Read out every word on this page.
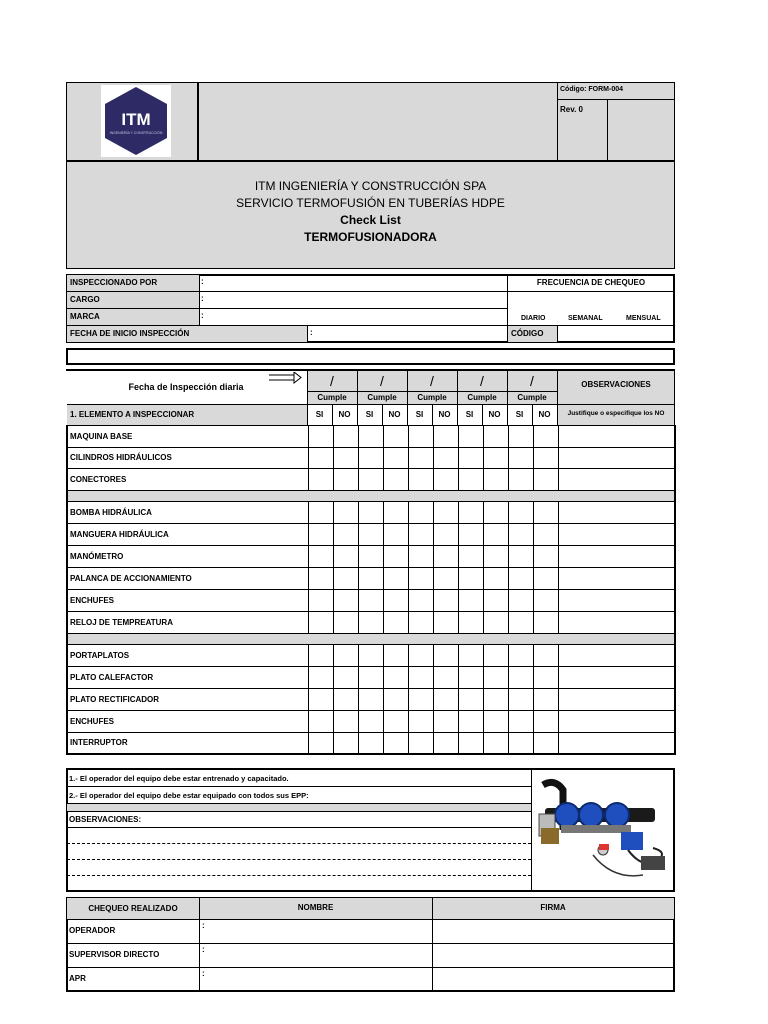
ITM
INGENIERÍA Y CONSTRUCCIÓN
Código: FORM-004
Rev. 0
ITM INGENIERÍA Y CONSTRUCCIÓN SPA
SERVICIO TERMOFUSIÓN EN TUBERÍAS HDPE
Check List
TERMOFUSIONADORA
INSPECCIONADO POR	:
CARGO	:
MARCA	:
FECHA DE INICIO INSPECCIÓN	:
FRECUENCIA DE CHEQUEO
DIARIO	SEMANAL	MENSUAL
CÓDIGO
Fecha de Inspección diaria	/	/	/	/	/
Cumple	Cumple	Cumple	Cumple	Cumple
1. ELEMENTO A INSPECCIONAR	SI	NO	SI	NO	SI	NO	SI	NO	SI	NO
OBSERVACIONES
Justifique o especifique los NO
MAQUINA BASE											
CILINDROS HIDRÁULICOS											
CONECTORES											

BOMBA HIDRÁULICA											
MANGUERA HIDRÁULICA											
MANÓMETRO											
PALANCA DE ACCIONAMIENTO											
ENCHUFES											
RELOJ DE TEMPREATURA											

PORTAPLATOS											
PLATO CALEFACTOR											
PLATO RECTIFICADOR											
ENCHUFES											
INTERRUPTOR											
1.- El operador del equipo debe estar entrenado y capacitado.
2.- El operador del equipo debe estar equipado con todos sus EPP:
OBSERVACIONES:
CHEQUEO REALIZADO	NOMBRE	FIRMA
OPERADOR
SUPERVISOR DIRECTO
APR
:
:
:
